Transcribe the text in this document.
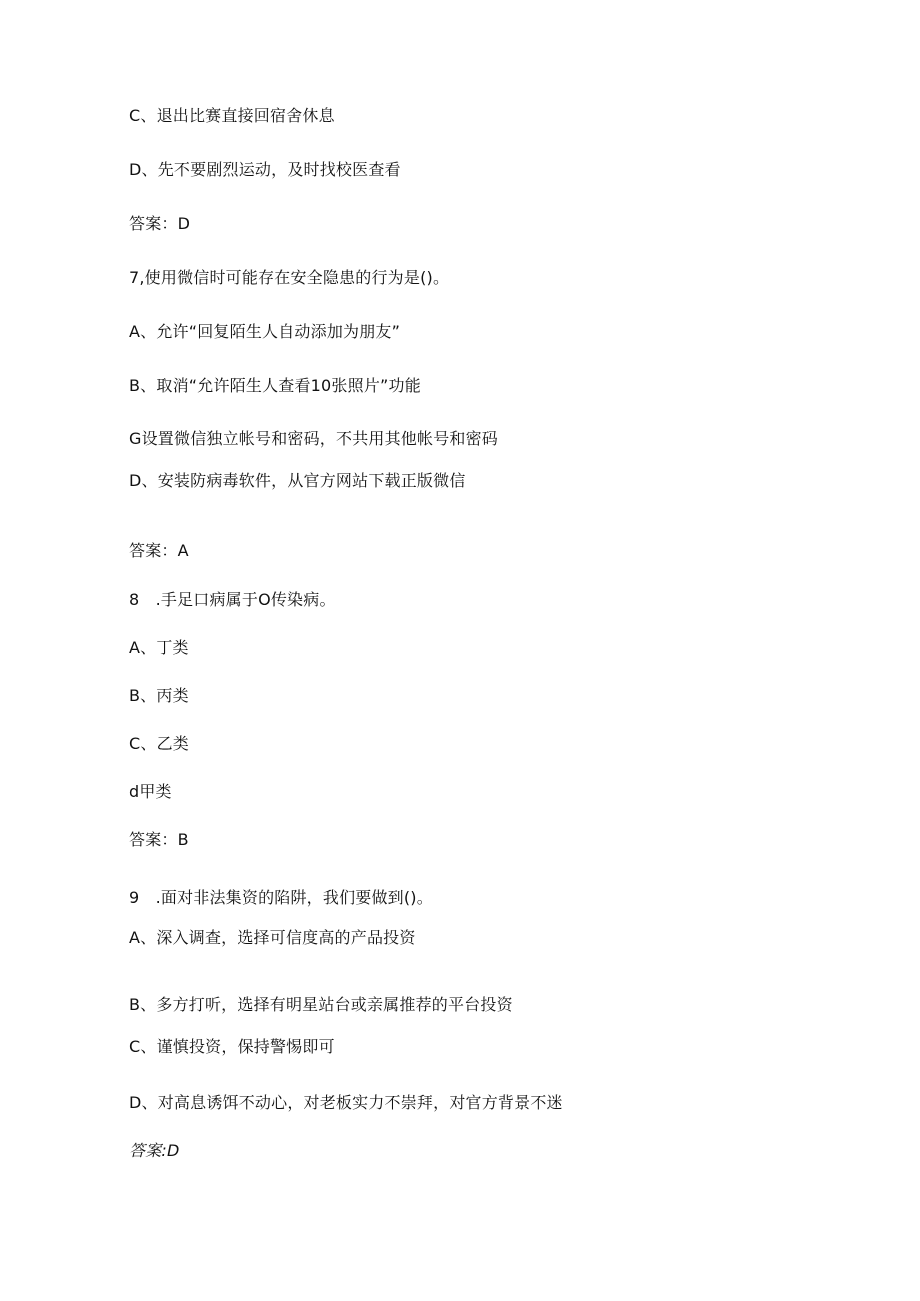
C、退出比赛直接回宿舍休息
D、先不要剧烈运动，及时找校医查看
答案：D
7,使用微信时可能存在安全隐患的行为是()。
A、允许“回复陌生人自动添加为朋友”
B、取消“允许陌生人查看10张照片”功能
G设置微信独立帐号和密码，不共用其他帐号和密码
D、安装防病毒软件，从官方网站下载正版微信
答案：A
8 .手足口病属于O传染病。
A、丁类
B、丙类
C、乙类
d甲类
答案：B
9 .面对非法集资的陷阱，我们要做到()。
A、深入调查，选择可信度高的产品投资
B、多方打听，选择有明星站台或亲属推荐的平台投资
C、谨慎投资，保持警惕即可
D、对高息诱饵不动心，对老板实力不崇拜，对官方背景不迷
答案:D
